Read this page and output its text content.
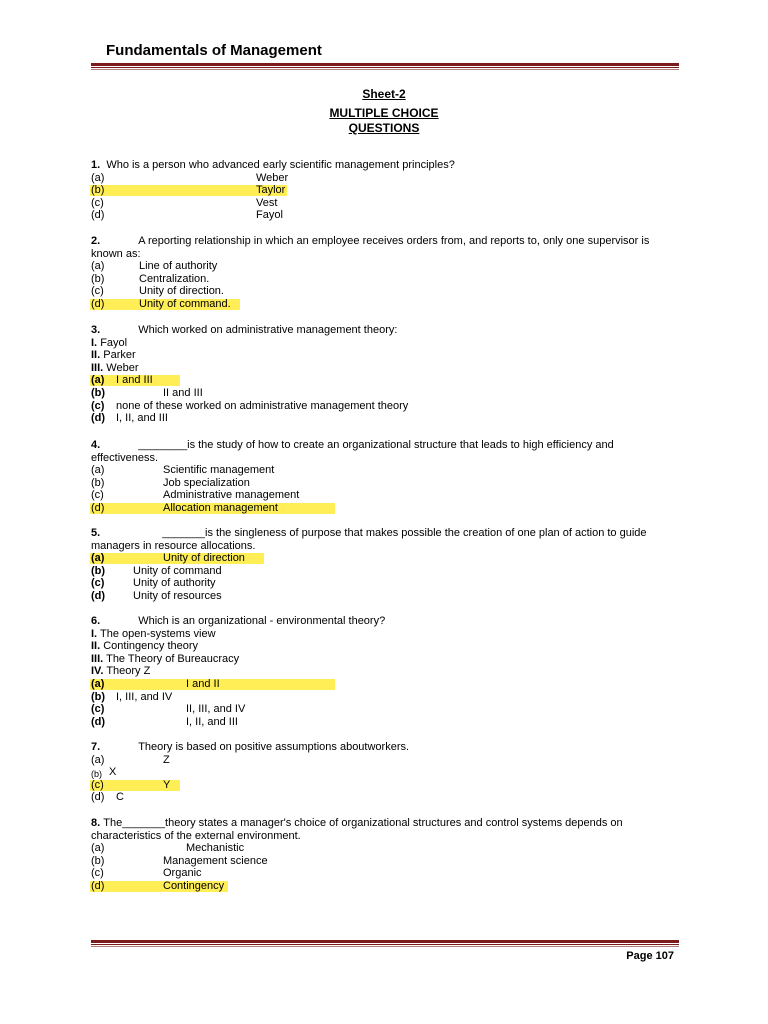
Fundamentals of Management
Sheet-2
MULTIPLE CHOICE
QUESTIONS
1. Who is a person who advanced early scientific management principles?
(a)	Weber
(b)	Taylor
(c)	Vest
(d)	Fayol
2.	A reporting relationship in which an employee receives orders from, and reports to, only one supervisor is known as:
(a)	Line of authority
(b)	Centralization.
(c)	Unity of direction.
(d)	Unity of command.
3.	Which worked on administrative management theory:
I. Fayol
II. Parker
III. Weber
(a) I and III
(b)	II and III
(c) none of these worked on administrative management theory
(d) I, II, and III
4.	________is the study of how to create an organizational structure that leads to high efficiency and effectiveness.
(a)	Scientific management
(b)	Job specialization
(c)	Administrative management
(d)	Allocation management
5.	_______is the singleness of purpose that makes possible the creation of one plan of action to guide managers in resource allocations.
(a)	Unity of direction
(b)	Unity of command
(c)	Unity of authority
(d)	Unity of resources
6.	Which is an organizational - environmental theory?
I. The open-systems view
II. Contingency theory
III. The Theory of Bureaucracy
IV. Theory Z
(a)	I and II
(b) I, III, and IV
(c)	II, III, and IV
(d)	I, II, and III
7.	Theory is based on positive assumptions aboutworkers.
(a)	Z
(b) X
(c)	Y
(d) C
8. The_______theory states a manager's choice of organizational structures and control systems depends on characteristics of the external environment.
(a)	Mechanistic
(b)	Management science
(c)	Organic
(d)	Contingency
Page 107
